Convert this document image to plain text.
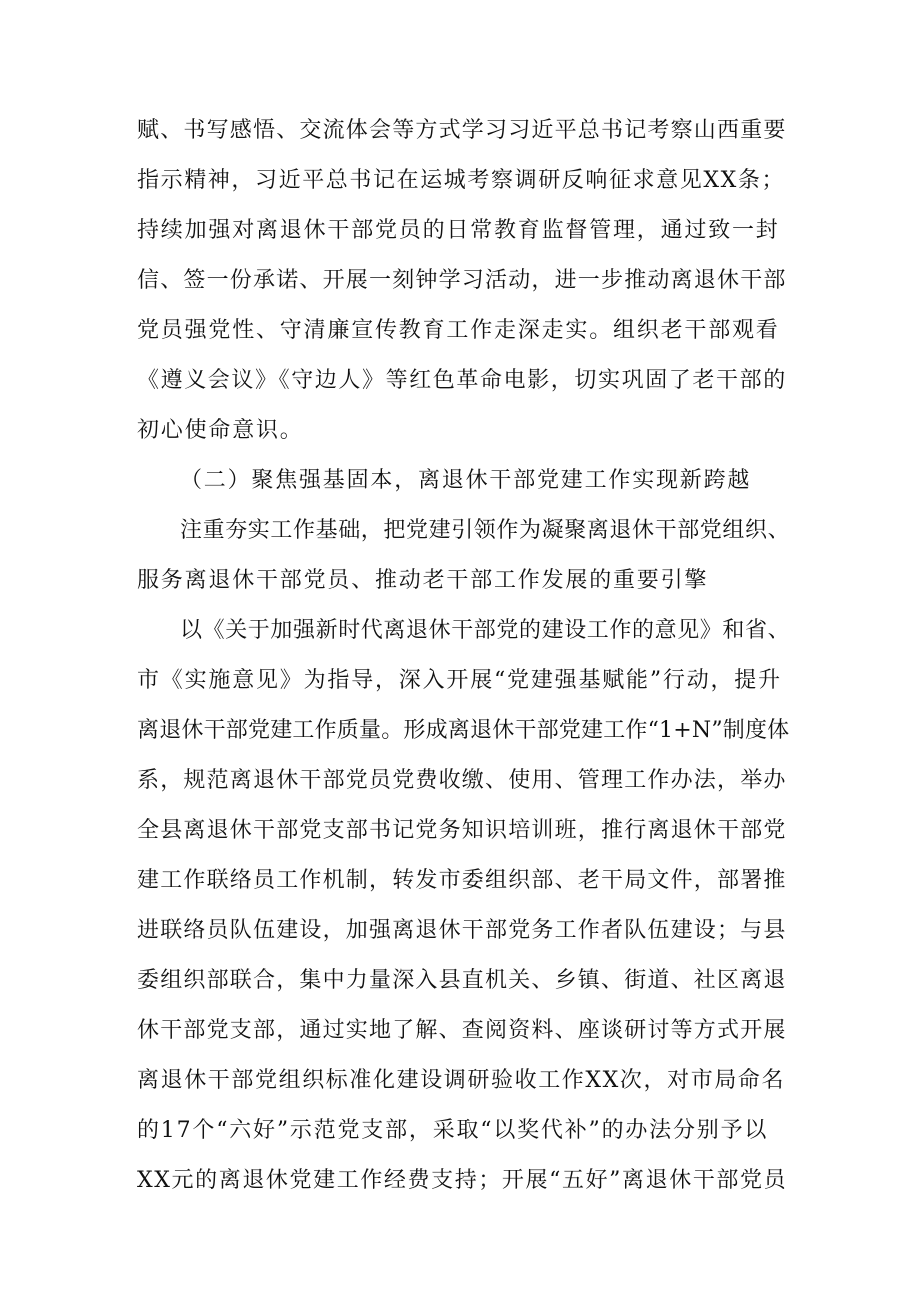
赋、书写感悟、交流体会等方式学习习近平总书记考察山西重要

指示精神，习近平总书记在运城考察调研反响征求意见XX条；

持续加强对离退休干部党员的日常教育监督管理，通过致一封

信、签一份承诺、开展一刻钟学习活动，进一步推动离退休干部

党员强党性、守清廉宣传教育工作走深走实。组织老干部观看

《遵义会议》《守边人》等红色革命电影，切实巩固了老干部的

初心使命意识。

（二）聚焦强基固本，离退休干部党建工作实现新跨越

注重夯实工作基础，把党建引领作为凝聚离退休干部党组织、

服务离退休干部党员、推动老干部工作发展的重要引擎

以《关于加强新时代离退休干部党的建设工作的意见》和省、

市《实施意见》为指导，深入开展“党建强基赋能”行动，提升

离退休干部党建工作质量。形成离退休干部党建工作“1+N”制度体

系，规范离退休干部党员党费收缴、使用、管理工作办法，举办

全县离退休干部党支部书记党务知识培训班，推行离退休干部党

建工作联络员工作机制，转发市委组织部、老干局文件，部署推

进联络员队伍建设，加强离退休干部党务工作者队伍建设；与县

委组织部联合，集中力量深入县直机关、乡镇、街道、社区离退

休干部党支部，通过实地了解、查阅资料、座谈研讨等方式开展

离退休干部党组织标准化建设调研验收工作XX次，对市局命名

的17个“六好”示范党支部，采取“以奖代补”的办法分别予以

XX元的离退休党建工作经费支持；开展“五好”离退休干部党员
